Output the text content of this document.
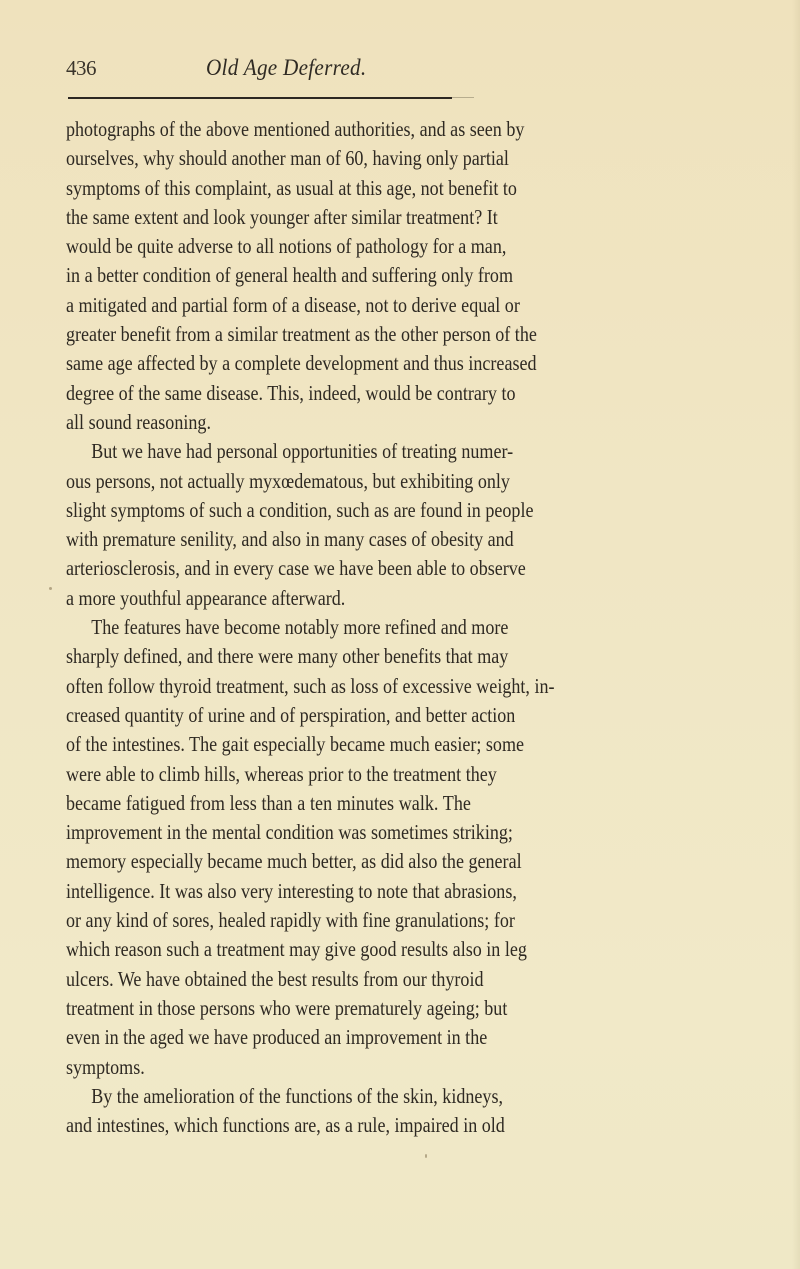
436	Old Age Deferred.
photographs of the above mentioned authorities, and as seen by
ourselves, why should another man of 60, having only partial
symptoms of this complaint, as usual at this age, not benefit to
the same extent and look younger after similar treatment? It
would be quite adverse to all notions of pathology for a man,
in a better condition of general health and suffering only from
a mitigated and partial form of a disease, not to derive equal or
greater benefit from a similar treatment as the other person of the
same age affected by a complete development and thus increased
degree of the same disease. This, indeed, would be contrary to
all sound reasoning.
But we have had personal opportunities of treating numer-
ous persons, not actually myxœdematous, but exhibiting only
slight symptoms of such a condition, such as are found in people
with premature senility, and also in many cases of obesity and
arteriosclerosis, and in every case we have been able to observe
a more youthful appearance afterward.
The features have become notably more refined and more
sharply defined, and there were many other benefits that may
often follow thyroid treatment, such as loss of excessive weight, in-
creased quantity of urine and of perspiration, and better action
of the intestines. The gait especially became much easier; some
were able to climb hills, whereas prior to the treatment they
became fatigued from less than a ten minutes walk. The
improvement in the mental condition was sometimes striking;
memory especially became much better, as did also the general
intelligence. It was also very interesting to note that abrasions,
or any kind of sores, healed rapidly with fine granulations; for
which reason such a treatment may give good results also in leg
ulcers. We have obtained the best results from our thyroid
treatment in those persons who were prematurely ageing; but
even in the aged we have produced an improvement in the
symptoms.
By the amelioration of the functions of the skin, kidneys,
and intestines, which functions are, as a rule, impaired in old
